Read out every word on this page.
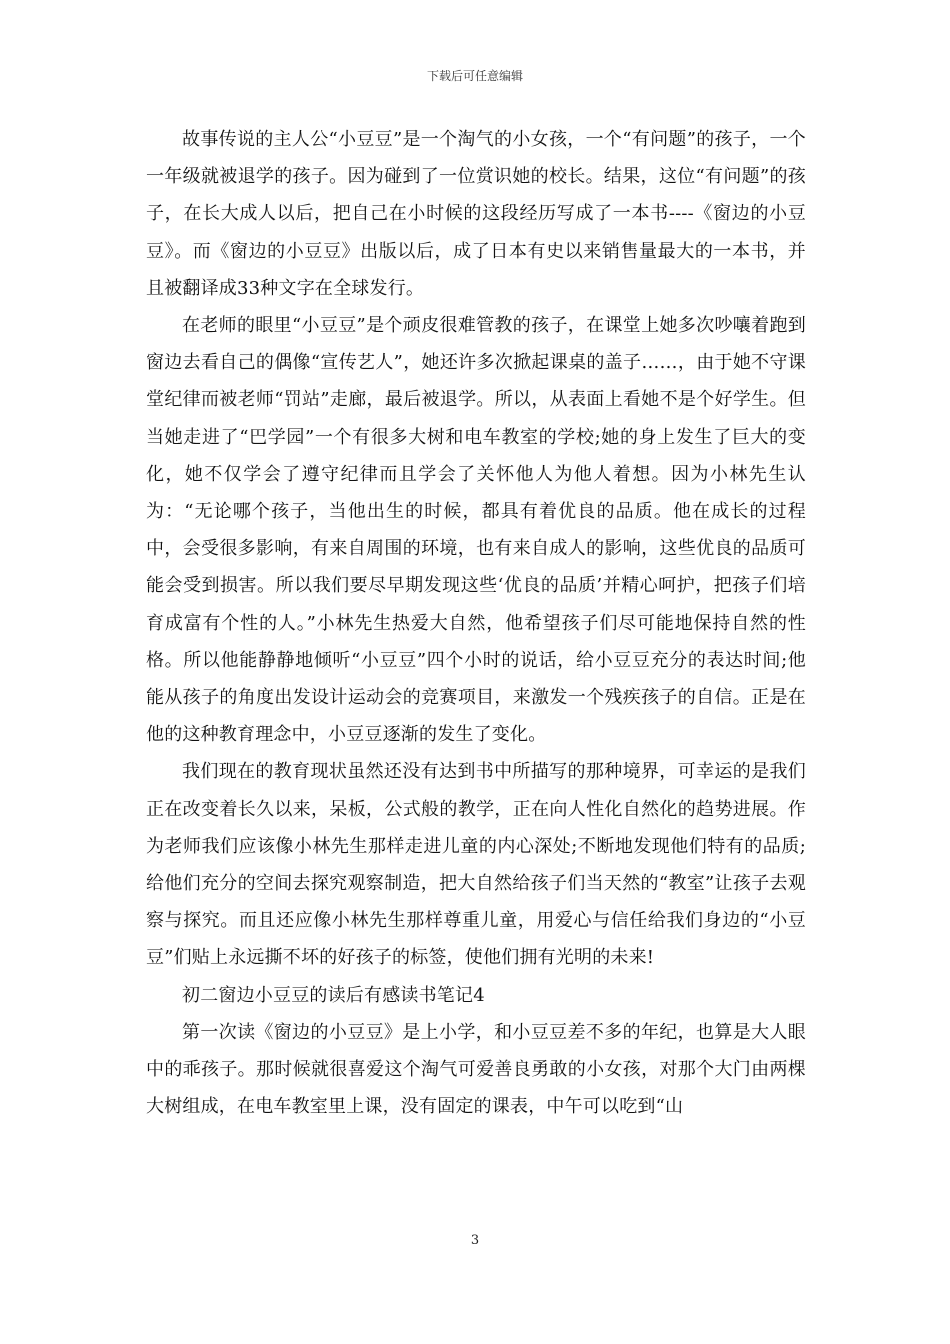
下载后可任意编辑

故事传说的主人公“小豆豆”是一个淘气的小女孩，一个“有问题”的孩子，一个一年级就被退学的孩子。因为碰到了一位赏识她的校长。结果，这位“有问题”的孩子，在长大成人以后，把自己在小时候的这段经历写成了一本书----《窗边的小豆豆》。而《窗边的小豆豆》出版以后，成了日本有史以来销售量最大的一本书，并且被翻译成33种文字在全球发行。

在老师的眼里“小豆豆”是个顽皮很难管教的孩子，在课堂上她多次吵嚷着跑到窗边去看自己的偶像“宣传艺人”，她还许多次掀起课桌的盖子……，由于她不守课堂纪律而被老师“罚站”走廊，最后被退学。所以，从表面上看她不是个好学生。但当她走进了“巴学园”一个有很多大树和电车教室的学校;她的身上发生了巨大的变化，她不仅学会了遵守纪律而且学会了关怀他人为他人着想。因为小林先生认为：“无论哪个孩子，当他出生的时候，都具有着优良的品质。他在成长的过程中，会受很多影响，有来自周围的环境，也有来自成人的影响，这些优良的品质可能会受到损害。所以我们要尽早期发现这些‘优良的品质’并精心呵护，把孩子们培育成富有个性的人。”小林先生热爱大自然，他希望孩子们尽可能地保持自然的性格。所以他能静静地倾听“小豆豆”四个小时的说话，给小豆豆充分的表达时间;他能从孩子的角度出发设计运动会的竞赛项目，来激发一个残疾孩子的自信。正是在他的这种教育理念中，小豆豆逐渐的发生了变化。

我们现在的教育现状虽然还没有达到书中所描写的那种境界，可幸运的是我们正在改变着长久以来，呆板，公式般的教学，正在向人性化自然化的趋势进展。作为老师我们应该像小林先生那样走进儿童的内心深处;不断地发现他们特有的品质;给他们充分的空间去探究观察制造，把大自然给孩子们当天然的“教室”让孩子去观察与探究。而且还应像小林先生那样尊重儿童，用爱心与信任给我们身边的“小豆豆”们贴上永远撕不坏的好孩子的标签，使他们拥有光明的未来!

初二窗边小豆豆的读后有感读书笔记4

第一次读《窗边的小豆豆》是上小学，和小豆豆差不多的年纪，也算是大人眼中的乖孩子。那时候就很喜爱这个淘气可爱善良勇敢的小女孩，对那个大门由两棵大树组成，在电车教室里上课，没有固定的课表，中午可以吃到“山

3
